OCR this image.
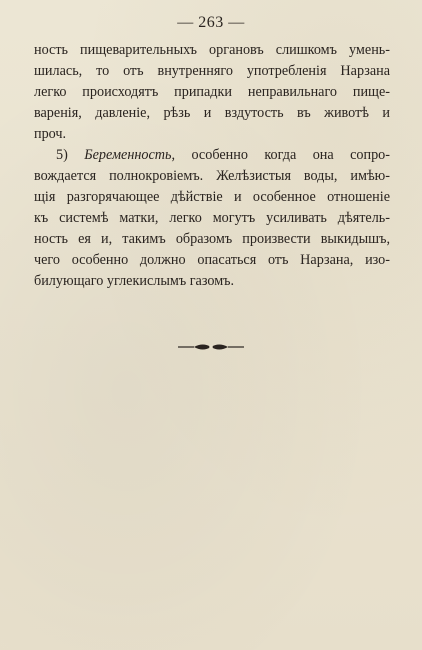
— 263 —
ность пищеварительныхъ органовъ слишкомъ умень-
шилась, то отъ внутренняго употребленія Нарзана
легко происходятъ припадки неправильнаго пище-
варенія, давленіе, рѣзь и вздутость въ животѣ и
проч.
5) Беременность, особенно когда она сопро-
вождается полнокровіемъ. Желѣзистыя воды, имѣю-
щія разгорячающее дѣйствіе и особенное отношеніе
къ системѣ матки, легко могутъ усиливать дѣятель-
ность ея и, такимъ образомъ произвести выкидышъ,
чего особенно должно опасаться отъ Нарзана, изо-
билующаго углекислымъ газомъ.
